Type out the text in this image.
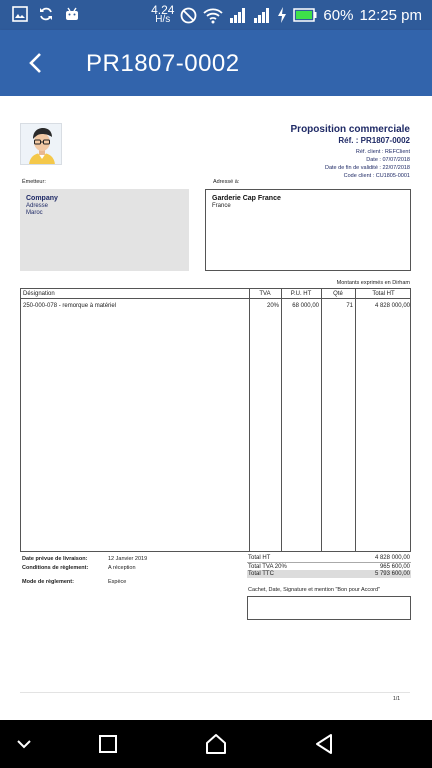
4.24
H/s	60% 12:25 pm
PR1807-0002
Proposition commerciale
Réf. : PR1807-0002
Réf. client : REFClient
Date : 07/07/2018
Date de fin de validité : 22/07/2018
Code client : CU1805-0001
Émetteur:
Company
Adresse
Maroc
Adressé à:
Garderie Cap France
France
Montants exprimés en Dirham
Désignation	TVA	P.U. HT	Qté	Total HT
250-000-078 - remorque à matériel	20%	68 000,00	71	4 828 000,00
Date prévue de livraison:	12 Janvier 2019
Conditions de règlement:	A réception
Mode de règlement:	Espèce
Total HT	4 828 000,00
Total TVA 20%	965 600,00
Total TTC	5 793 600,00
Cachet, Date, Signature et mention "Bon pour Accord"
1/1
